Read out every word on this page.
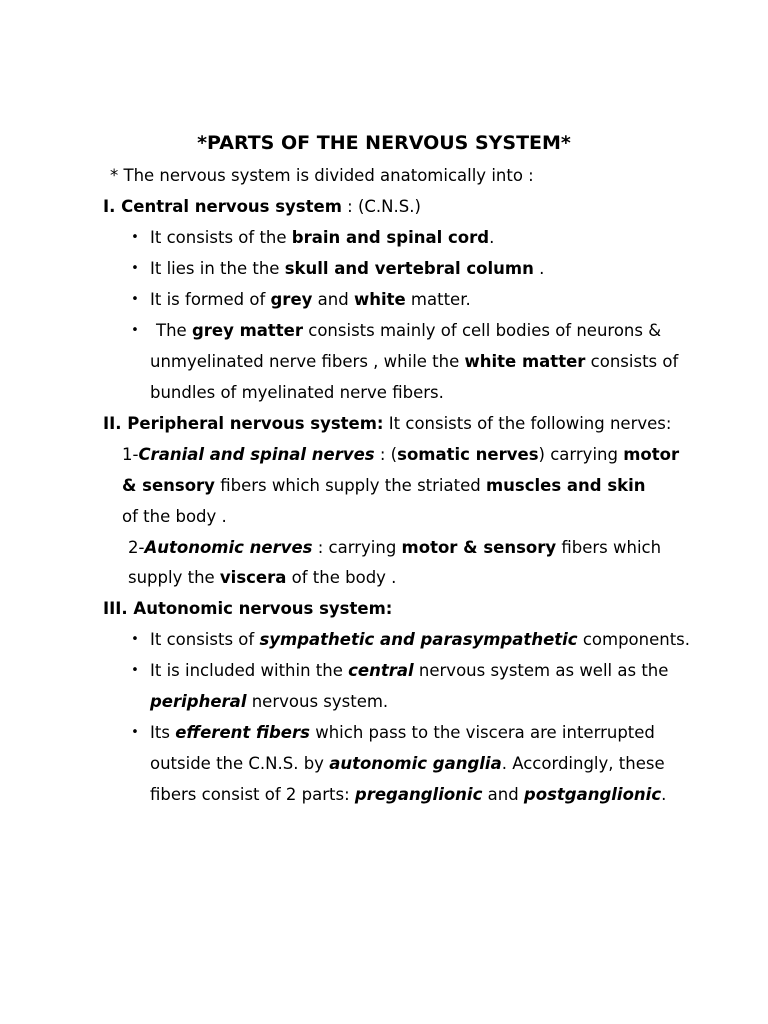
*PARTS OF THE NERVOUS SYSTEM*
* The nervous system is divided anatomically into :
I. Central nervous system : (C.N.S.)
• It consists of the brain and spinal cord.
• It lies in the the skull and vertebral column .
• It is formed of grey and white matter.
• The grey matter consists mainly of cell bodies of neurons &
unmyelinated nerve fibers , while the white matter consists of
bundles of myelinated nerve fibers.
II. Peripheral nervous system: It consists of the following nerves:
1-Cranial and spinal nerves : (somatic nerves) carrying motor
& sensory fibers which supply the striated muscles and skin
of the body .
2-Autonomic nerves : carrying motor & sensory fibers which
supply the viscera of the body .
III. Autonomic nervous system:
• It consists of sympathetic and parasympathetic components.
• It is included within the central nervous system as well as the
peripheral nervous system.
• Its efferent fibers which pass to the viscera are interrupted
outside the C.N.S. by autonomic ganglia. Accordingly, these
fibers consist of 2 parts: preganglionic and postganglionic.
